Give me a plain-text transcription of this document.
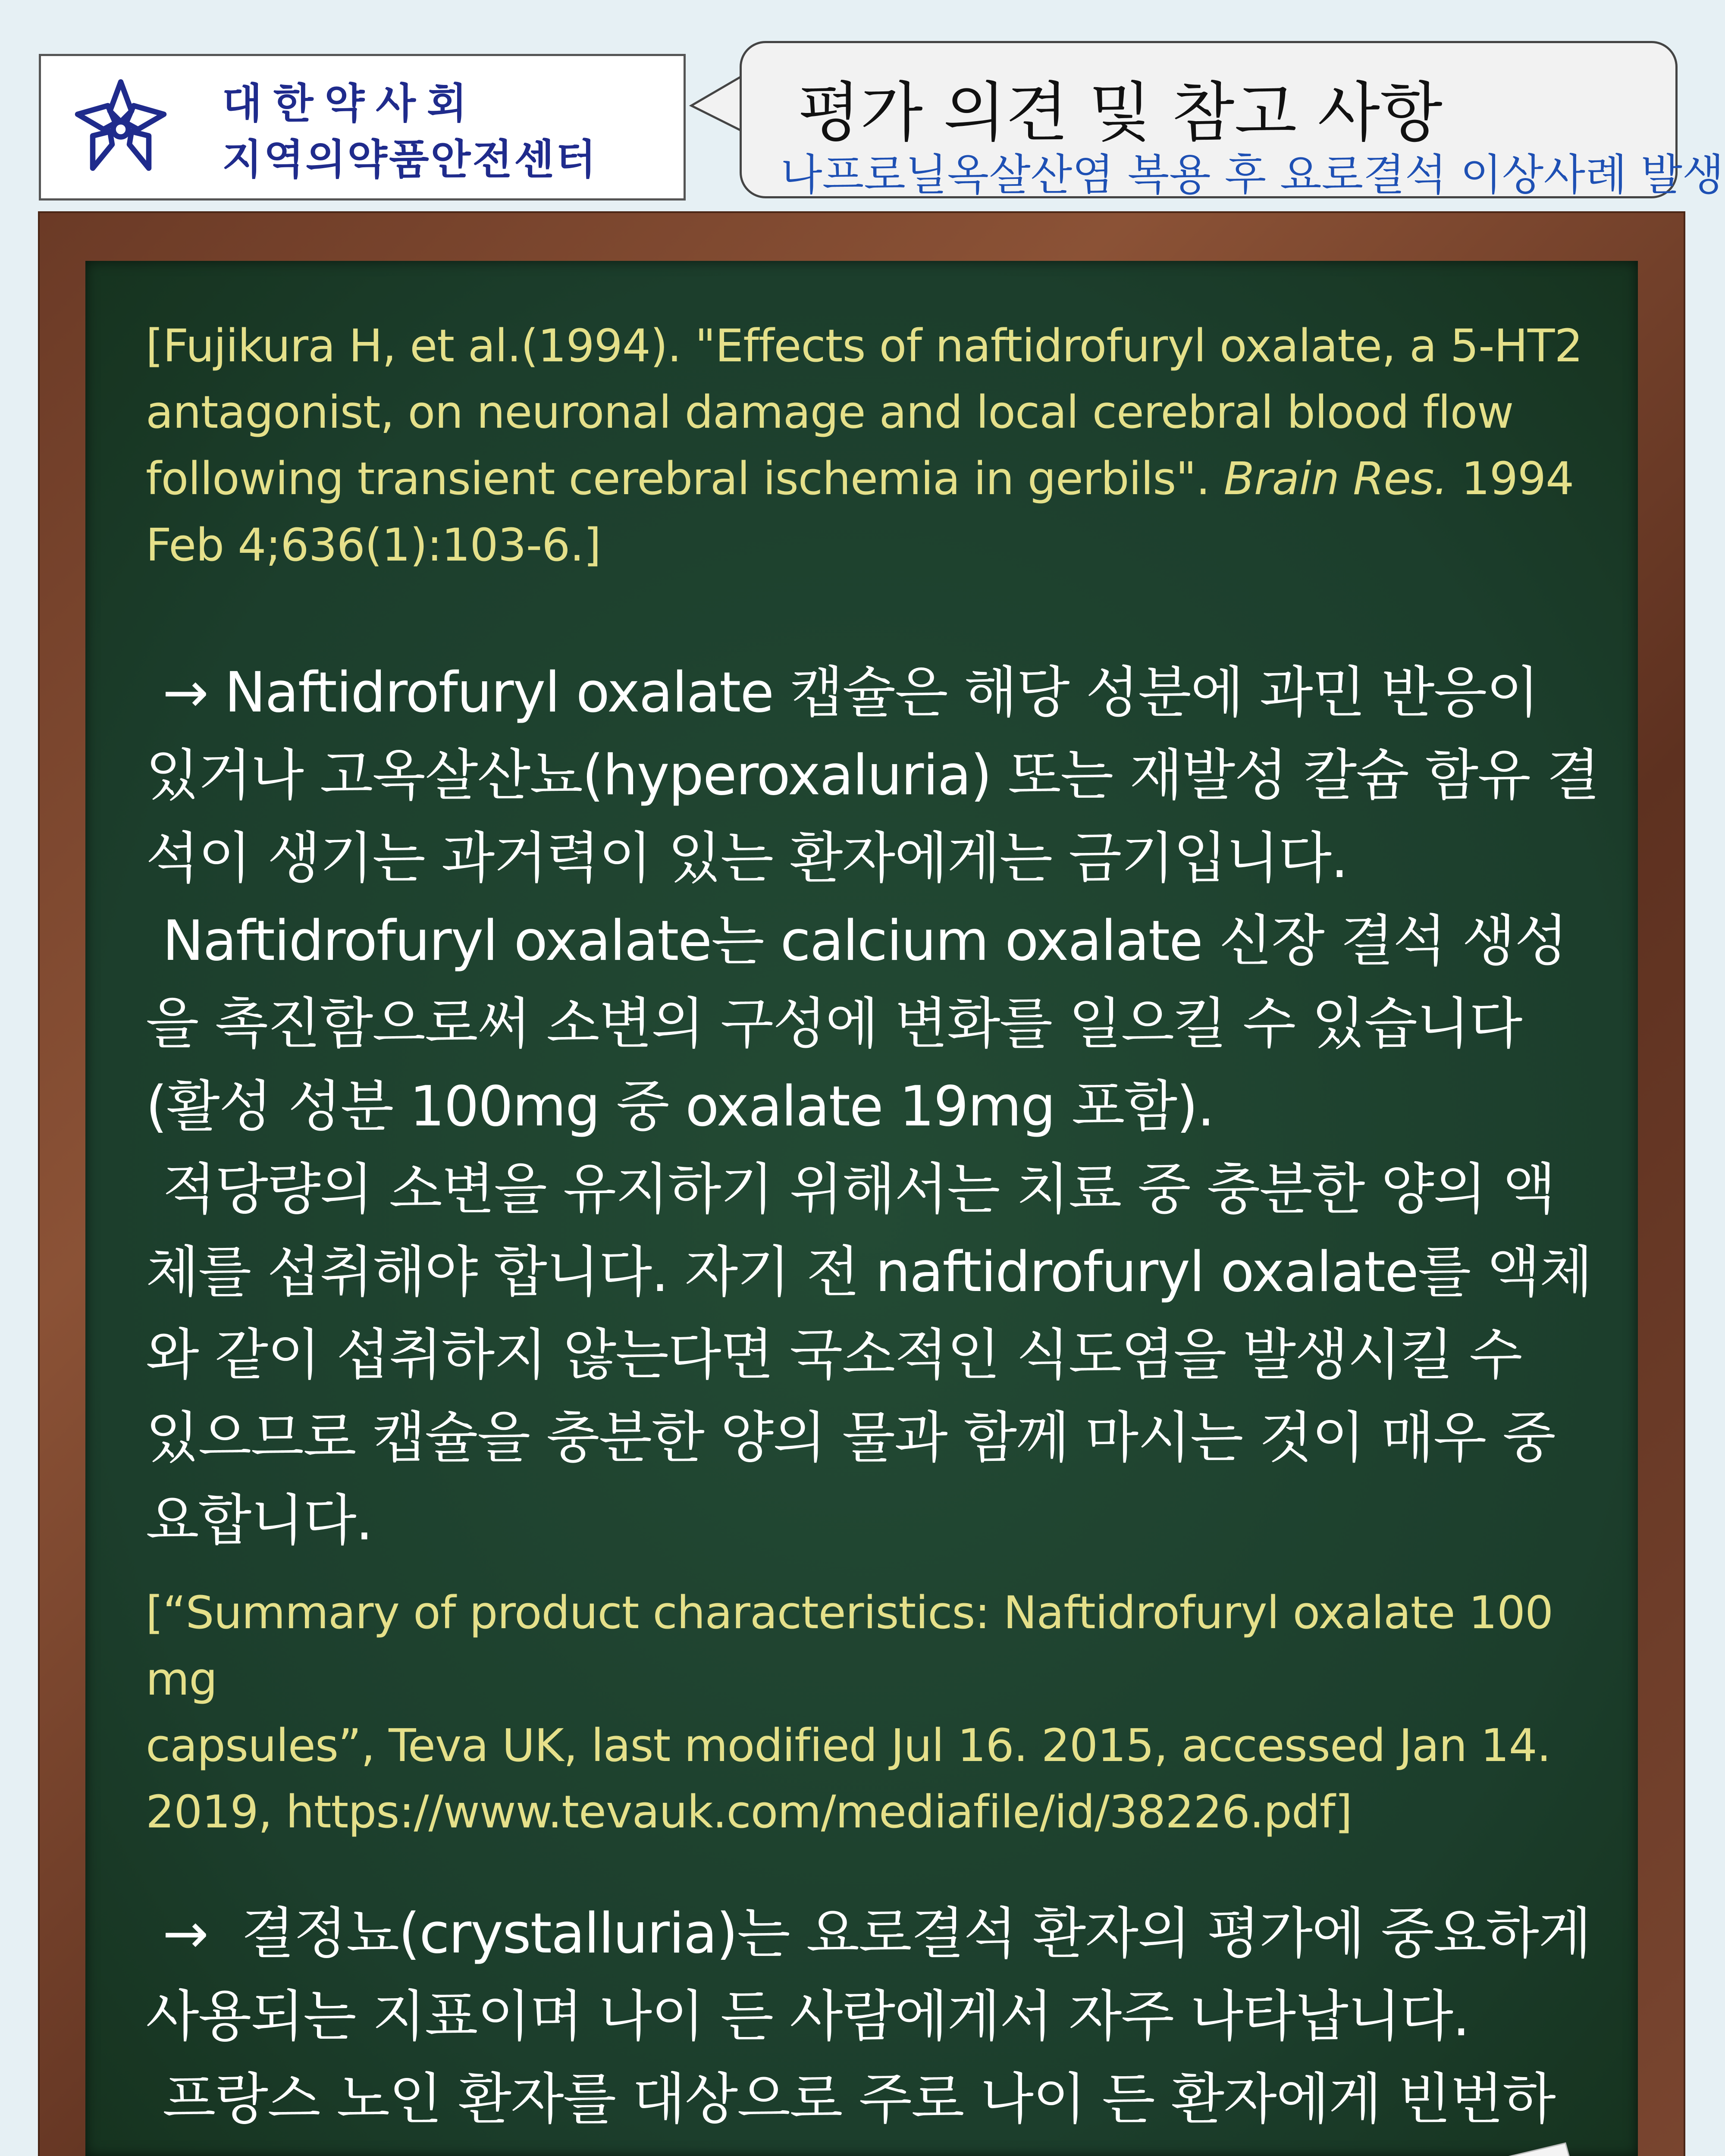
대한약사회
지역의약품안전센터
평가 의견 및 참고 사항
나프로닐옥살산염 복용 후 요로결석 이상사례 발생

[Fujikura H, et al.(1994). "Effects of naftidrofuryl oxalate, a 5-HT2
antagonist, on neuronal damage and local cerebral blood flow
following transient cerebral ischemia in gerbils". Brain Res. 1994
Feb 4;636(1):103-6.]

→ Naftidrofuryl oxalate 캡슐은 해당 성분에 과민 반응이
있거나 고옥살산뇨(hyperoxaluria) 또는 재발성 칼슘 함유 결
석이 생기는 과거력이 있는 환자에게는 금기입니다.
Naftidrofuryl oxalate는 calcium oxalate 신장 결석 생성
을 촉진함으로써 소변의 구성에 변화를 일으킬 수 있습니다
(활성 성분 100mg 중 oxalate 19mg 포함).
적당량의 소변을 유지하기 위해서는 치료 중 충분한 양의 액
체를 섭취해야 합니다. 자기 전 naftidrofuryl oxalate를 액체
와 같이 섭취하지 않는다면 국소적인 식도염을 발생시킬 수
있으므로 캡슐을 충분한 양의 물과 함께 마시는 것이 매우 중
요합니다.

[“Summary of product characteristics: Naftidrofuryl oxalate 100 mg
capsules”, Teva UK, last modified Jul 16. 2015, accessed Jan 14.
2019, https://www.tevauk.com/mediafile/id/38226.pdf]

→  결정뇨(crystalluria)는 요로결석 환자의 평가에 중요하게
사용되는 지표이며 나이 든 사람에게서 자주 나타납니다.
프랑스 노인 환자를 대상으로 주로 나이 든 환자에게 빈번하
